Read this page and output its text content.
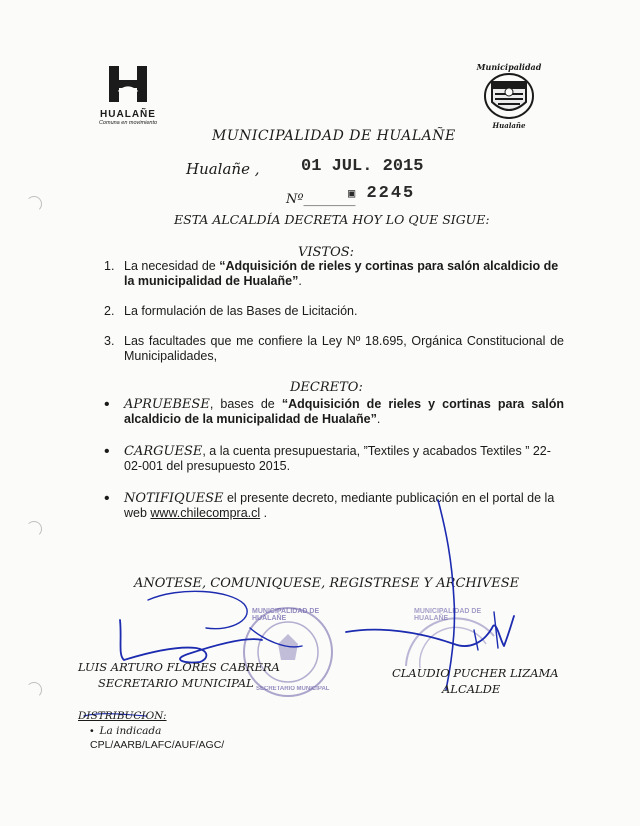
HUALAÑE
Comuna en movimiento
Municipalidad
Hualañe
MUNICIPALIDAD DE HUALAÑE
Hualañe , 01 JUL. 2015
Nº________
▣ 2245
ESTA ALCALDÍA DECRETA HOY LO QUE SIGUE:
VISTOS:
1. La necesidad de “Adquisición de rieles y cortinas para salón alcaldicio de la municipalidad de Hualañe”.
2. La formulación de las Bases de Licitación.
3. Las facultades que me confiere la Ley Nº 18.695, Orgánica Constitucional de Municipalidades,
DECRETO:
• APRUEBESE, bases de “Adquisición de rieles y cortinas para salón alcaldicio de la municipalidad de Hualañe”.
• CARGUESE, a la cuenta presupuestaria, ”Textiles y acabados Textiles ” 22- 02-001 del presupuesto 2015.
• NOTIFIQUESE el presente decreto, mediante publicación en el portal de la web www.chilecompra.cl .
ANOTESE, COMUNIQUESE, REGISTRESE Y ARCHIVESE
MUNICIPALIDAD DE HUALAÑE
SECRETARIO MUNICIPAL
MUNICIPALIDAD DE HUALAÑE
LUIS ARTURO FLORES CABRERA
SECRETARIO MUNICIPAL
CLAUDIO PUCHER LIZAMA
ALCALDE
DISTRIBUCION:
•  La indicada
CPL/AARB/LAFC/AUF/AGC/
